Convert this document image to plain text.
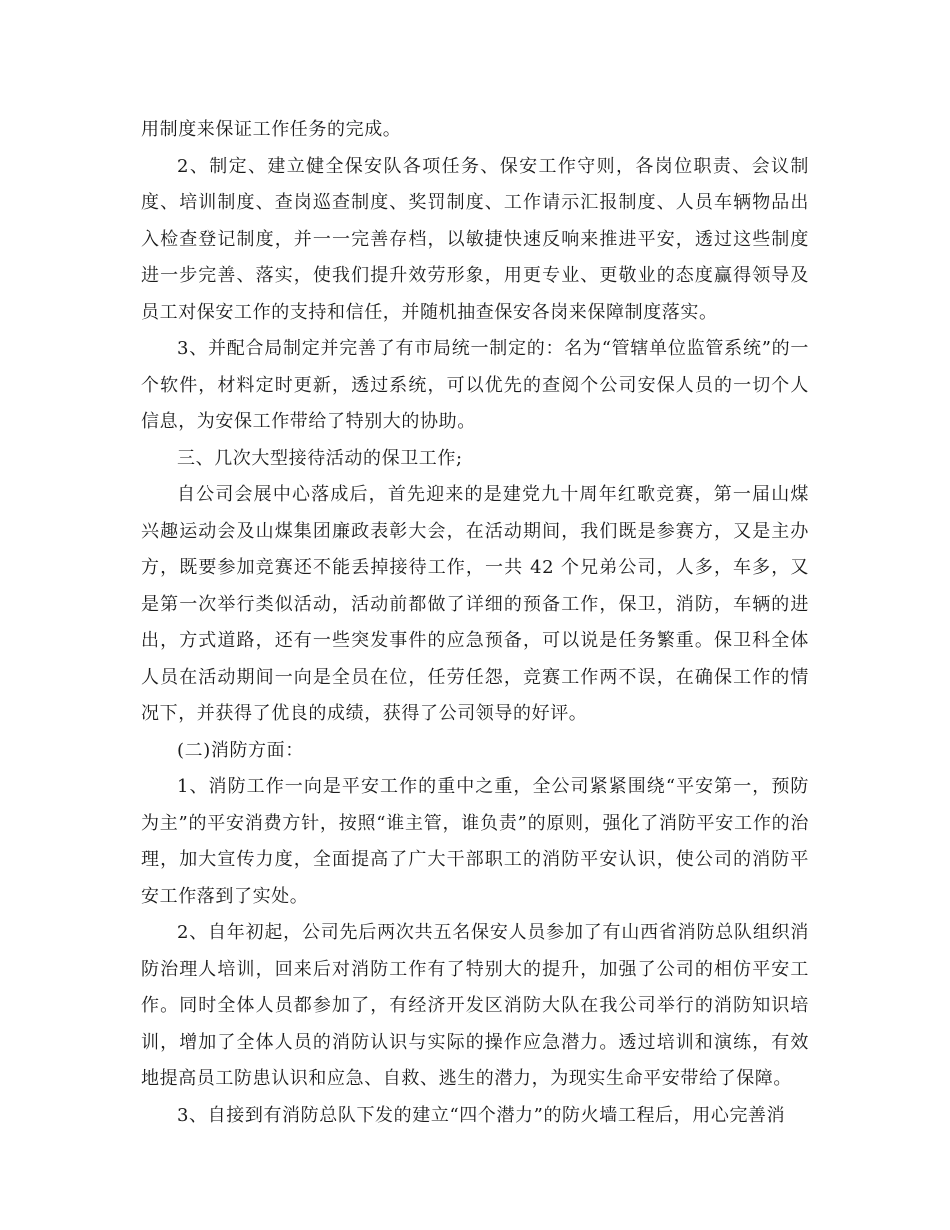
用制度来保证工作任务的完成。

2、制定、建立健全保安队各项任务、保安工作守则，各岗位职责、会议制度、培训制度、查岗巡查制度、奖罚制度、工作请示汇报制度、人员车辆物品出入检查登记制度，并一一完善存档，以敏捷快速反响来推进平安，透过这些制度进一步完善、落实，使我们提升效劳形象，用更专业、更敬业的态度赢得领导及员工对保安工作的支持和信任，并随机抽查保安各岗来保障制度落实。

3、并配合局制定并完善了有市局统一制定的：名为“管辖单位监管系统”的一个软件，材料定时更新，透过系统，可以优先的查阅个公司安保人员的一切个人信息，为安保工作带给了特别大的协助。

三、几次大型接待活动的保卫工作;

自公司会展中心落成后，首先迎来的是建党九十周年红歌竞赛，第一届山煤兴趣运动会及山煤集团廉政表彰大会，在活动期间，我们既是参赛方，又是主办方，既要参加竞赛还不能丢掉接待工作，一共 42 个兄弟公司，人多，车多，又是第一次举行类似活动，活动前都做了详细的预备工作，保卫，消防，车辆的进出，方式道路，还有一些突发事件的应急预备，可以说是任务繁重。保卫科全体人员在活动期间一向是全员在位，任劳任怨，竞赛工作两不误，在确保工作的情况下，并获得了优良的成绩，获得了公司领导的好评。

(二)消防方面：

1、消防工作一向是平安工作的重中之重，全公司紧紧围绕“平安第一，预防为主”的平安消费方针，按照“谁主管，谁负责”的原则，强化了消防平安工作的治理，加大宣传力度，全面提高了广大干部职工的消防平安认识，使公司的消防平安工作落到了实处。

2、自年初起，公司先后两次共五名保安人员参加了有山西省消防总队组织消防治理人培训，回来后对消防工作有了特别大的提升，加强了公司的相仿平安工作。同时全体人员都参加了，有经济开发区消防大队在我公司举行的消防知识培训，增加了全体人员的消防认识与实际的操作应急潜力。透过培训和演练，有效地提高员工防患认识和应急、自救、逃生的潜力，为现实生命平安带给了保障。

3、自接到有消防总队下发的建立“四个潜力”的防火墙工程后，用心完善消
